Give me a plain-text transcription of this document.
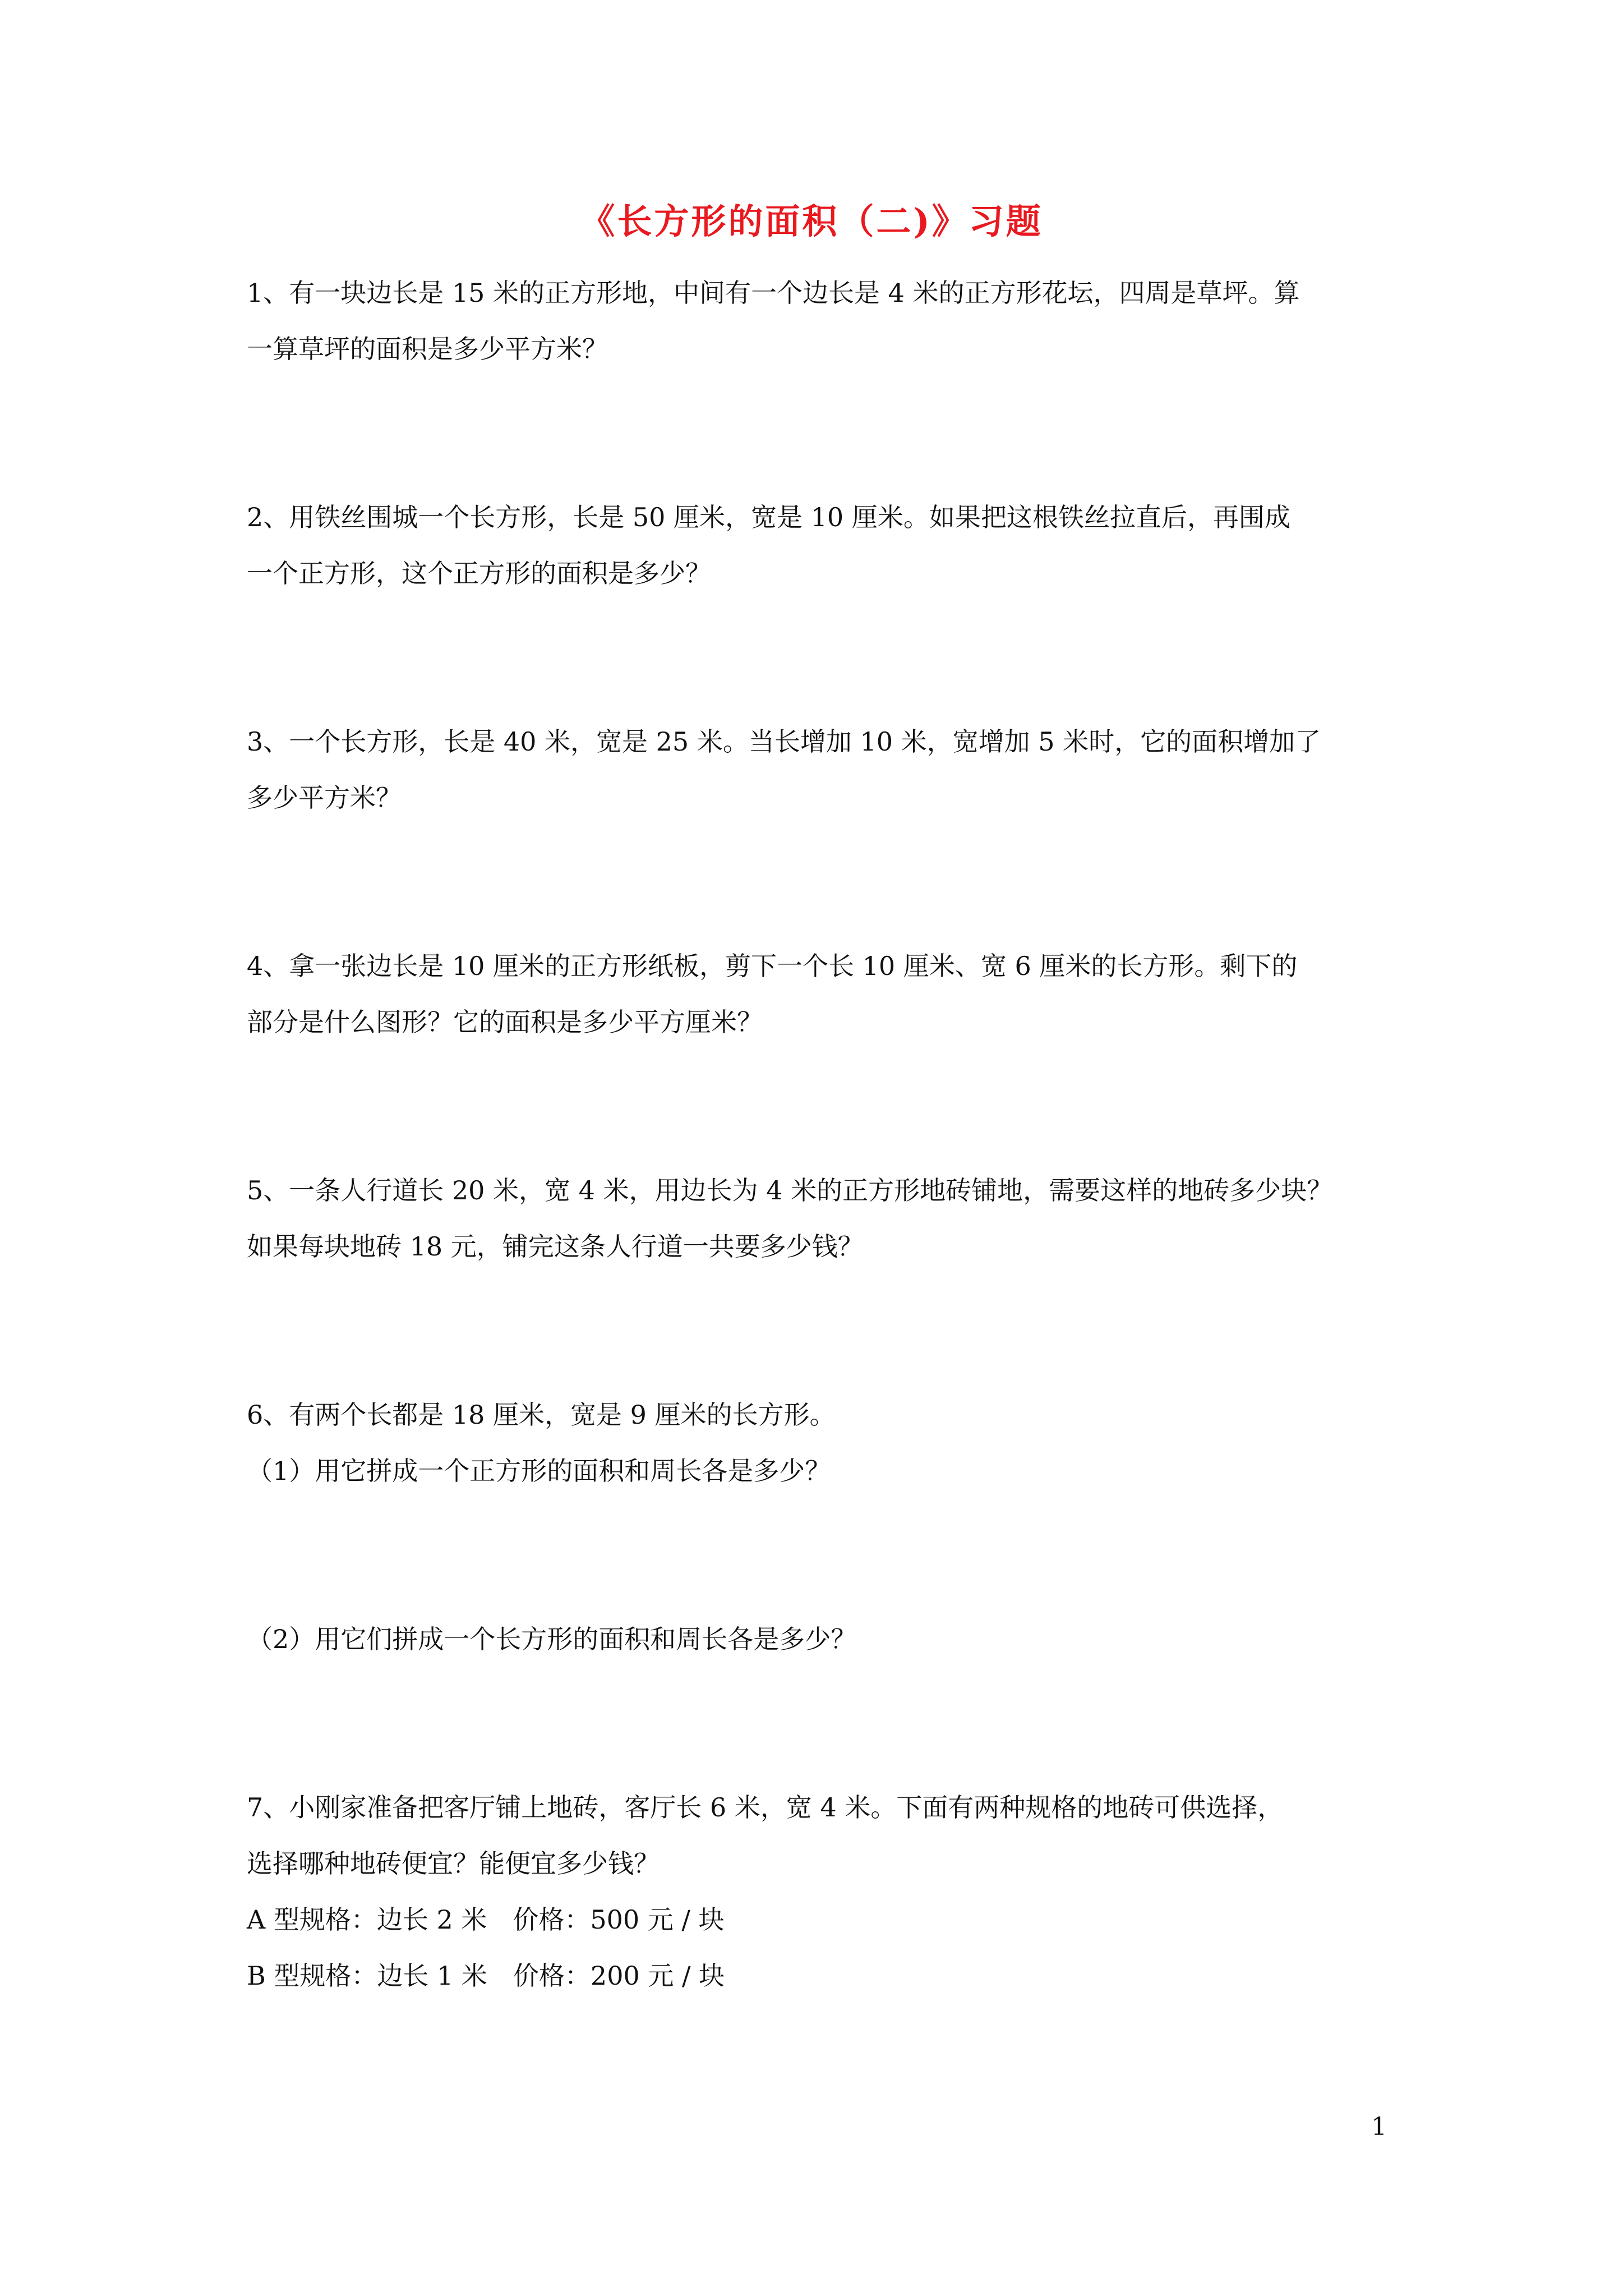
《长方形的面积（二)》习题
1、有一块边长是 15 米的正方形地，中间有一个边长是 4 米的正方形花坛，四周是草坪。算
一算草坪的面积是多少平方米？
2、用铁丝围城一个长方形，长是 50 厘米，宽是 10 厘米。如果把这根铁丝拉直后，再围成
一个正方形，这个正方形的面积是多少？
3、一个长方形，长是 40 米，宽是 25 米。当长增加 10 米，宽增加 5 米时，它的面积增加了
多少平方米？
4、拿一张边长是 10 厘米的正方形纸板，剪下一个长 10 厘米、宽 6 厘米的长方形。剩下的
部分是什么图形？它的面积是多少平方厘米？
5、一条人行道长 20 米，宽 4 米，用边长为 4 米的正方形地砖铺地，需要这样的地砖多少块？
如果每块地砖 18 元，铺完这条人行道一共要多少钱？
6、有两个长都是 18 厘米，宽是 9 厘米的长方形。
（1）用它拼成一个正方形的面积和周长各是多少？
（2）用它们拼成一个长方形的面积和周长各是多少？
7、小刚家准备把客厅铺上地砖，客厅长 6 米，宽 4 米。下面有两种规格的地砖可供选择，
选择哪种地砖便宜？能便宜多少钱？
A 型规格：边长 2 米　价格：500 元 / 块
B 型规格：边长 1 米　价格：200 元 / 块
1
